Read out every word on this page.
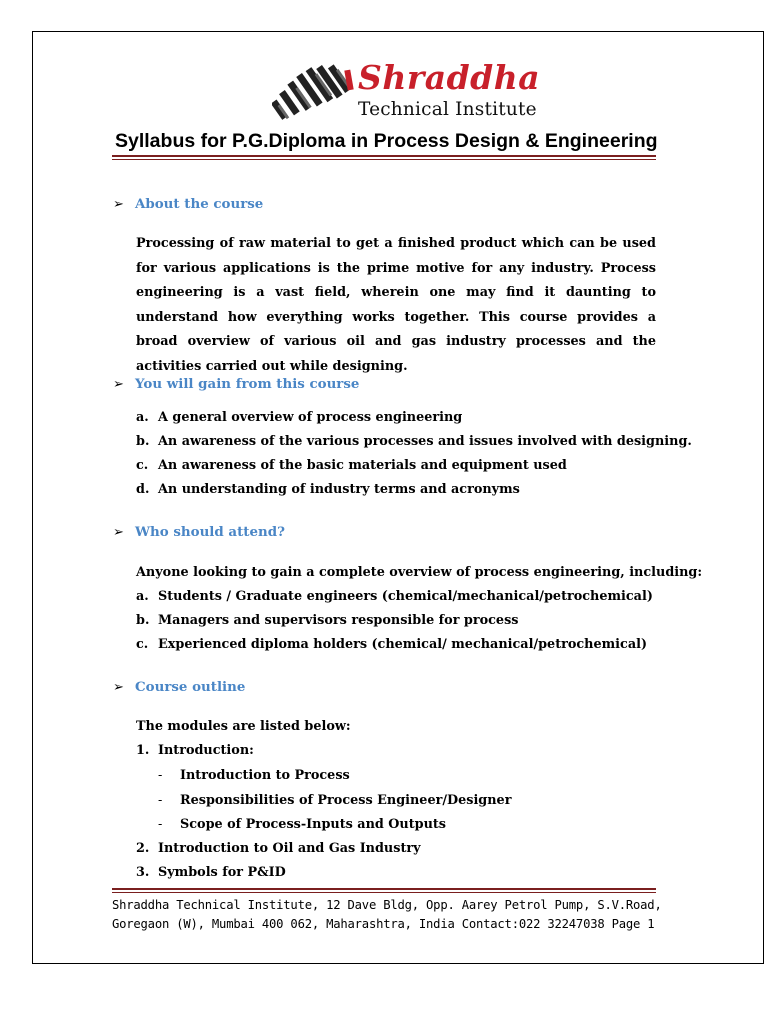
Shraddha
Technical Institute
Syllabus for P.G.Diploma in Process Design & Engineering
➢ About the course
Processing of raw material to get a finished product which can be used for various applications is the prime motive for any industry. Process engineering is a vast field, wherein one may find it daunting to understand how everything works together. This course provides a broad overview of various oil and gas industry processes and the activities carried out while designing.
➢ You will gain from this course
a. A general overview of process engineering
b. An awareness of the various processes and issues involved with designing.
c. An awareness of the basic materials and equipment used
d. An understanding of industry terms and acronyms
➢ Who should attend?
Anyone looking to gain a complete overview of process engineering, including:
a. Students / Graduate engineers (chemical/mechanical/petrochemical)
b. Managers and supervisors responsible for process
c. Experienced diploma holders (chemical/ mechanical/petrochemical)
➢ Course outline
The modules are listed below:
1. Introduction:
- Introduction to Process
- Responsibilities of Process Engineer/Designer
- Scope of Process-Inputs and Outputs
2. Introduction to Oil and Gas Industry
3. Symbols for P&ID
Shraddha Technical Institute, 12 Dave Bldg, Opp. Aarey Petrol Pump, S.V.Road,
Goregaon (W), Mumbai 400 062, Maharashtra, India Contact:022 32247038 Page 1
